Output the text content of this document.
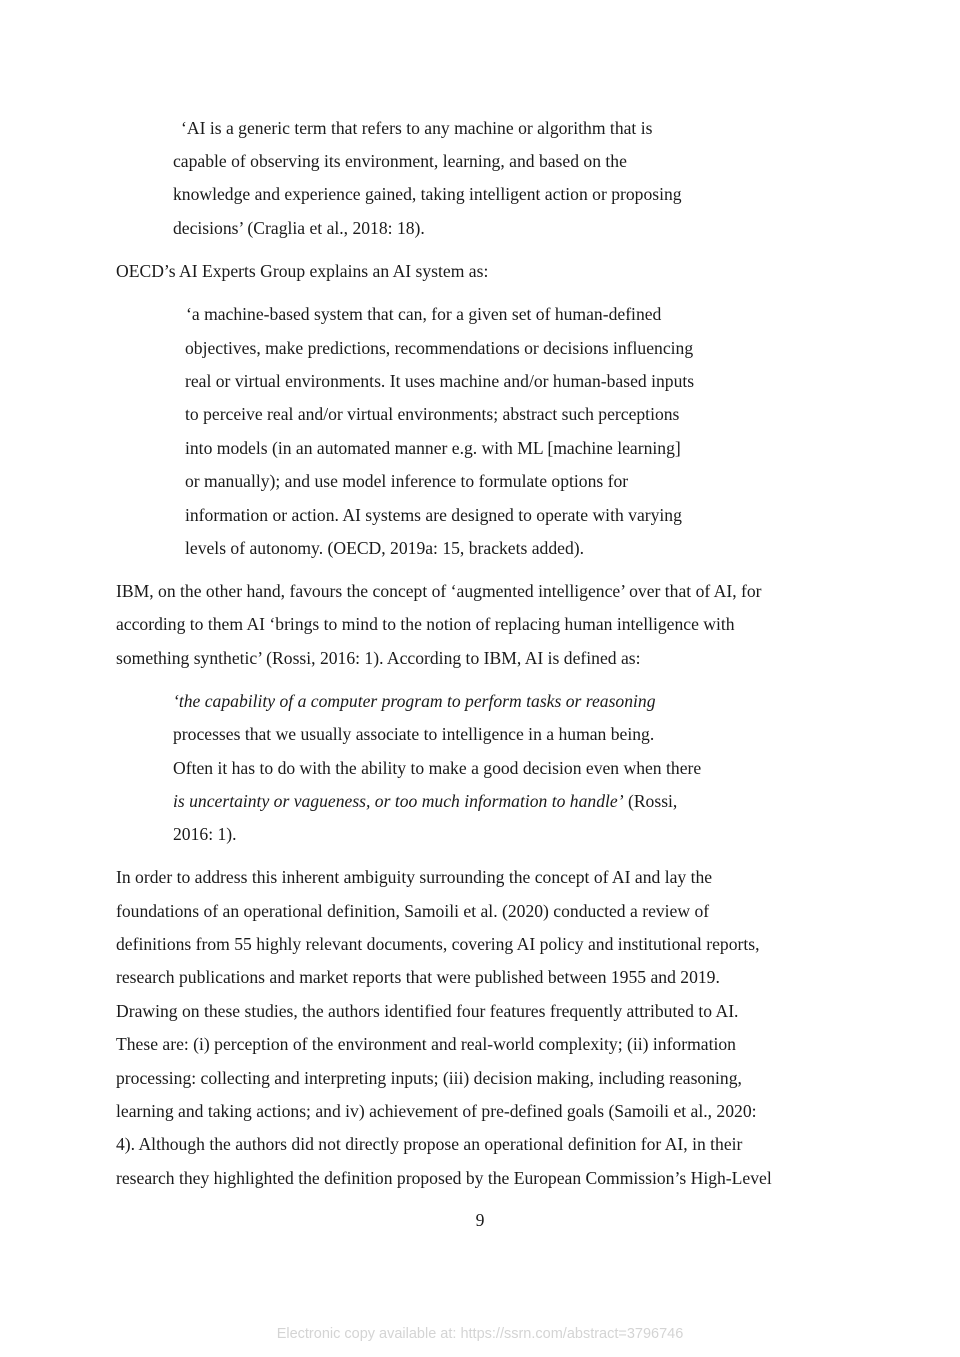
‘AI is a generic term that refers to any machine or algorithm that is
capable of observing its environment, learning, and based on the
knowledge and experience gained, taking intelligent action or proposing
decisions’ (Craglia et al., 2018: 18).
OECD’s AI Experts Group explains an AI system as:
‘a machine-based system that can, for a given set of human-defined
objectives, make predictions, recommendations or decisions influencing
real or virtual environments. It uses machine and/or human-based inputs
to perceive real and/or virtual environments; abstract such perceptions
into models (in an automated manner e.g. with ML [machine learning]
or manually); and use model inference to formulate options for
information or action. AI systems are designed to operate with varying
levels of autonomy. (OECD, 2019a: 15, brackets added).
IBM, on the other hand, favours the concept of ‘augmented intelligence’ over that of AI, for
according to them AI ‘brings to mind to the notion of replacing human intelligence with
something synthetic’ (Rossi, 2016: 1). According to IBM, AI is defined as:
‘the capability of a computer program to perform tasks or reasoning
processes that we usually associate to intelligence in a human being.
Often it has to do with the ability to make a good decision even when there
is uncertainty or vagueness, or too much information to handle’ (Rossi,
2016: 1).
In order to address this inherent ambiguity surrounding the concept of AI and lay the
foundations of an operational definition, Samoili et al. (2020) conducted a review of
definitions from 55 highly relevant documents, covering AI policy and institutional reports,
research publications and market reports that were published between 1955 and 2019.
Drawing on these studies, the authors identified four features frequently attributed to AI.
These are: (i) perception of the environment and real-world complexity; (ii) information
processing: collecting and interpreting inputs; (iii) decision making, including reasoning,
learning and taking actions; and iv) achievement of pre-defined goals (Samoili et al., 2020:
4). Although the authors did not directly propose an operational definition for AI, in their
research they highlighted the definition proposed by the European Commission’s High-Level
9
Electronic copy available at: https://ssrn.com/abstract=3796746
